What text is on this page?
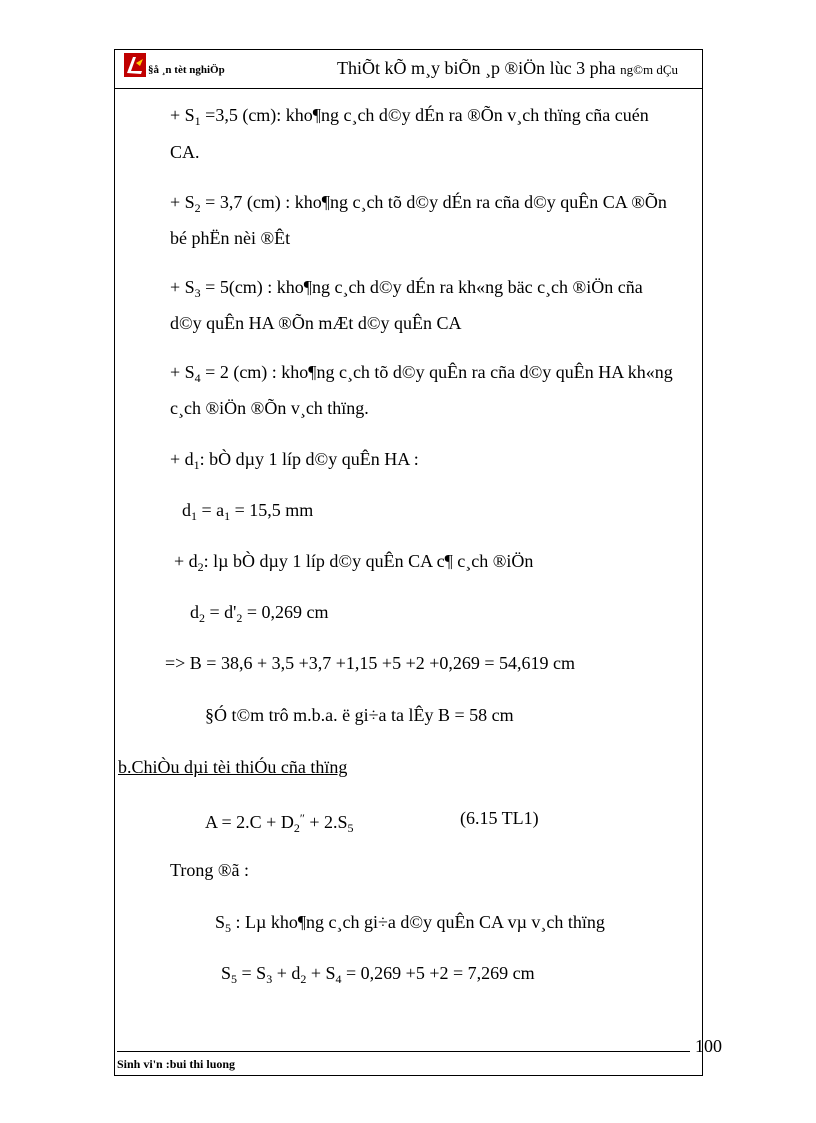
§å ¸n tèt nghiÖp	ThiÕt kÕ m¸y biÕn ¸p ®iÖn lùc 3 pha ng©m dÇu
+ $S_1 =3,5$ (cm): kho¶ng c¸ch d©y dÉn ra ®Õn v¸ch thïng cña cuén
CA.
+ $S_2 = 3,7$ (cm) : kho¶ng c¸ch tõ d©y dÉn ra cña d©y quÊn CA ®Õn
bé phËn nèi ®Êt
+ $S_3 = 5(cm)$ : kho¶ng c¸ch d©y dÉn ra kh«ng bäc c¸ch ®iÖn cña
d©y quÊn HA ®Õn mÆt d©y quÊn CA
+ $S_4 = 2$ (cm) : kho¶ng c¸ch tõ d©y quÊn ra cña d©y quÊn HA kh«ng
c¸ch ®iÖn ®Õn v¸ch thïng.
+ $d_1$: bÒ dµy 1 líp d©y quÊn HA :
$d_1 = a_1 = 15,5$ mm
+ $d_2$: lµ bÒ dµy 1 líp d©y quÊn CA c¶ c¸ch ®iÖn
$d_2 = d'_2 = 0,269$ cm
=> B = 38,6 + 3,5 +3,7 +1,15 +5 +2 +0,269 = 54,619 cm
§Ó t©m trô m.b.a. ë gi÷a ta lÊy B = 58 cm
b.ChiÒu dµi tèi thiÓu cña thïng
$A = 2.C + D_2'' + 2.S_5$	(6.15 TL1)
Trong ®ã :
$S_5$ : Lµ kho¶ng c¸ch gi÷a d©y quÊn CA vµ v¸ch thïng
$S_5 = S_3 + d_2 + S_4 = 0,269 +5 +2 = 7,269$ cm
100
Sinh vi'n :bui thi luong
